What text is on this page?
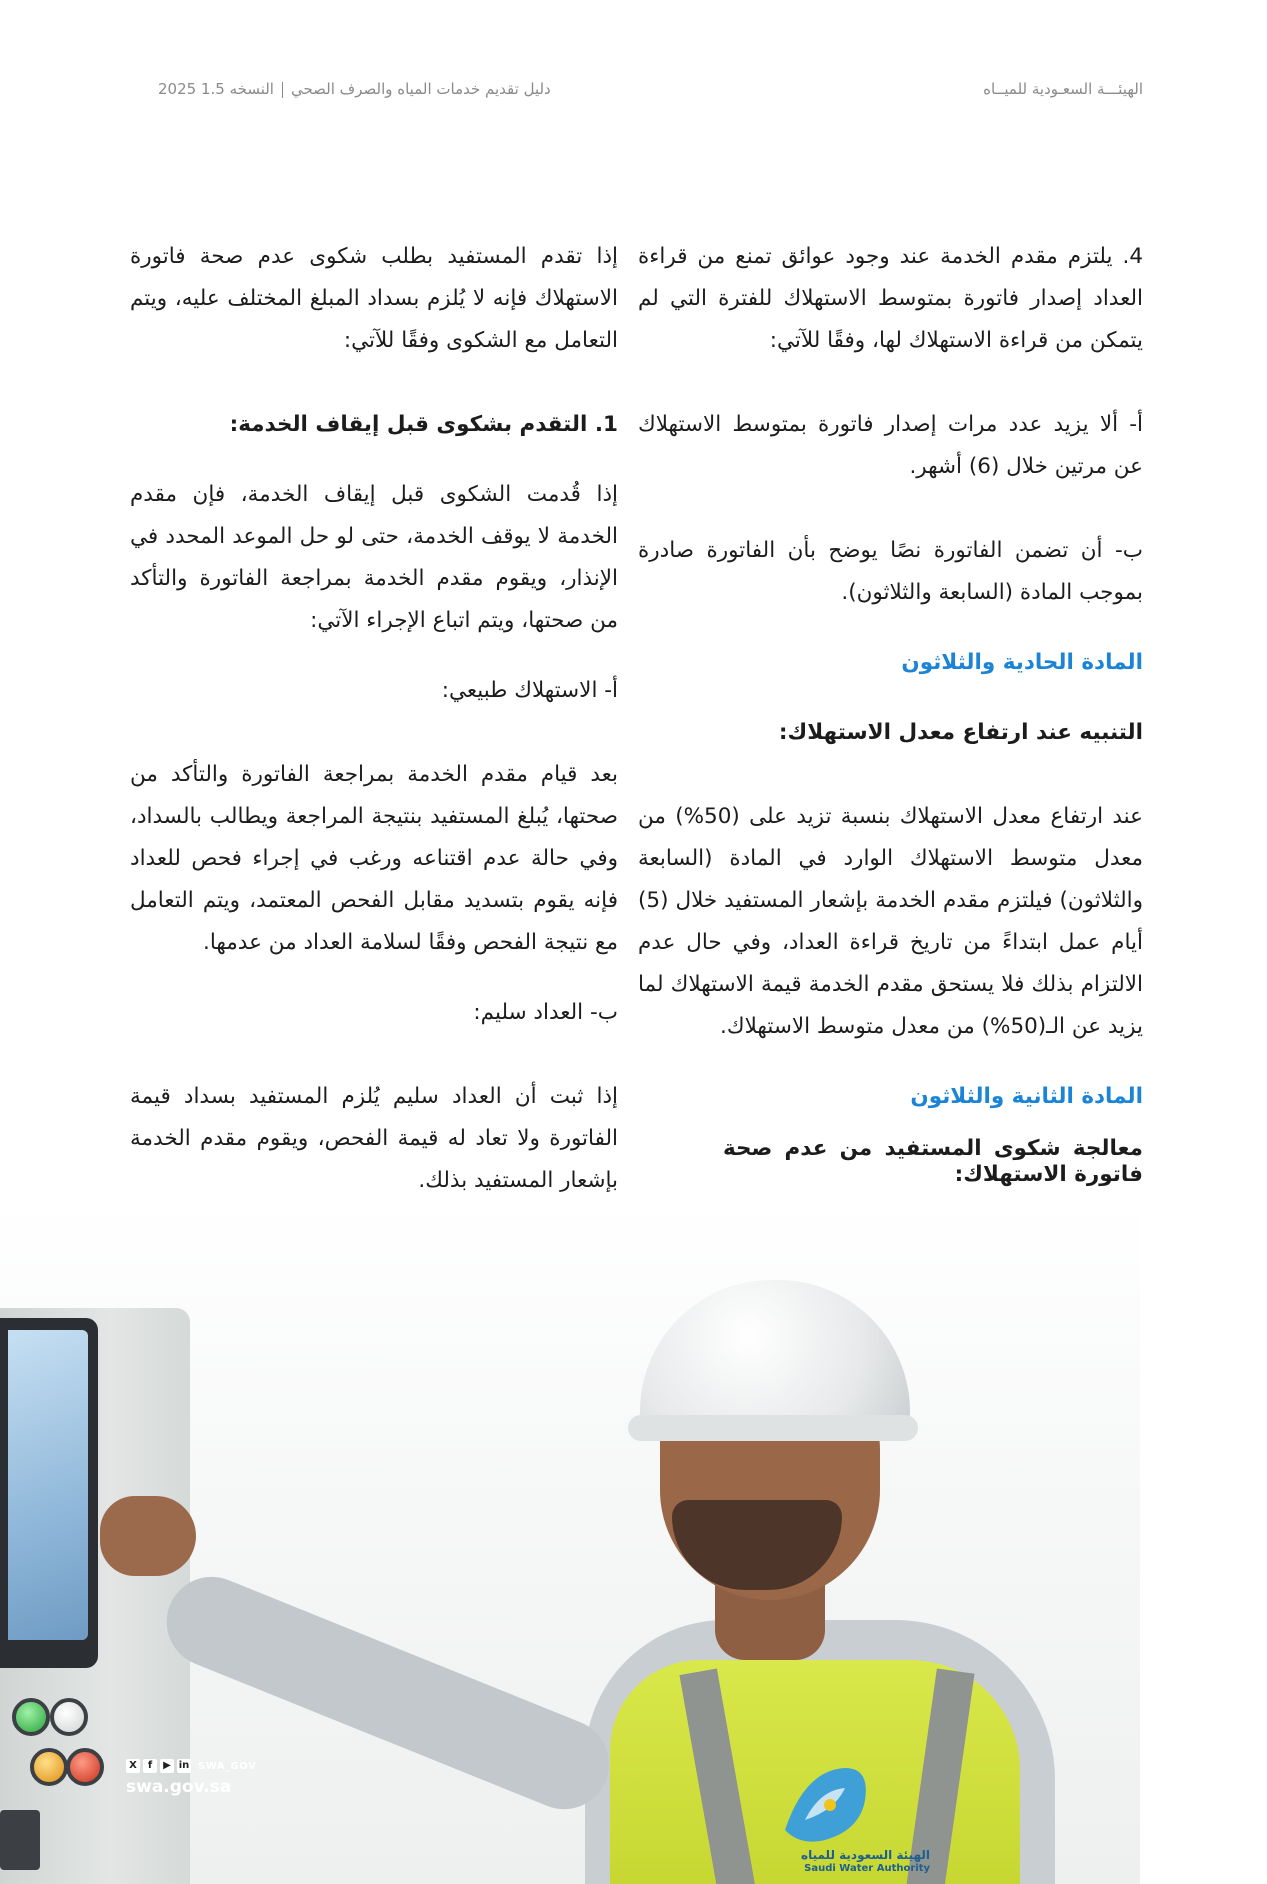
الهيئـــة السعـودية للميــاه
دليل تقديم خدمات المياه والصرف الصحيالنسخه 1.5 2025

4. يلتزم مقدم الخدمة عند وجود عوائق تمنع من قراءة العداد إصدار فاتورة بمتوسط الاستهلاك للفترة التي لم يتمكن من قراءة الاستهلاك لها، وفقًا للآتي:

أ- ألا يزيد عدد مرات إصدار فاتورة بمتوسط الاستهلاك عن مرتين خلال (6) أشهر.

ب- أن تضمن الفاتورة نصًا يوضح بأن الفاتورة صادرة بموجب المادة (السابعة والثلاثون).

المادة الحادية والثلاثون

التنبيه عند ارتفاع معدل الاستهلاك:

عند ارتفاع معدل الاستهلاك بنسبة تزيد على (50%) من معدل متوسط الاستهلاك الوارد في المادة (السابعة والثلاثون) فيلتزم مقدم الخدمة بإشعار المستفيد خلال (5) أيام عمل ابتداءً من تاريخ قراءة العداد، وفي حال عدم الالتزام بذلك فلا يستحق مقدم الخدمة قيمة الاستهلاك لما يزيد عن الـ(50%) من معدل متوسط الاستهلاك.

المادة الثانية والثلاثون

معالجة شكوى المستفيد من عدم صحة فاتورة الاستهلاك:

إذا تقدم المستفيد بطلب شكوى عدم صحة فاتورة الاستهلاك فإنه لا يُلزم بسداد المبلغ المختلف عليه، ويتم التعامل مع الشكوى وفقًا للآتي:

1. التقدم بشكوى قبل إيقاف الخدمة:

إذا قُدمت الشكوى قبل إيقاف الخدمة، فإن مقدم الخدمة لا يوقف الخدمة، حتى لو حل الموعد المحدد في الإنذار، ويقوم مقدم الخدمة بمراجعة الفاتورة والتأكد من صحتها، ويتم اتباع الإجراء الآتي:

أ- الاستهلاك طبيعي:

بعد قيام مقدم الخدمة بمراجعة الفاتورة والتأكد من صحتها، يُبلغ المستفيد بنتيجة المراجعة ويطالب بالسداد، وفي حالة عدم اقتناعه ورغب في إجراء فحص للعداد فإنه يقوم بتسديد مقابل الفحص المعتمد، ويتم التعامل مع نتيجة الفحص وفقًا لسلامة العداد من عدمها.

ب- العداد سليم:

إذا ثبت أن العداد سليم يُلزم المستفيد بسداد قيمة الفاتورة ولا تعاد له قيمة الفحص، ويقوم مقدم الخدمة بإشعار المستفيد بذلك.

الهيئة السعودية للمياه
Saudi Water Authority
X	f	▶ in SWA_GOV
swa.gov.sa
